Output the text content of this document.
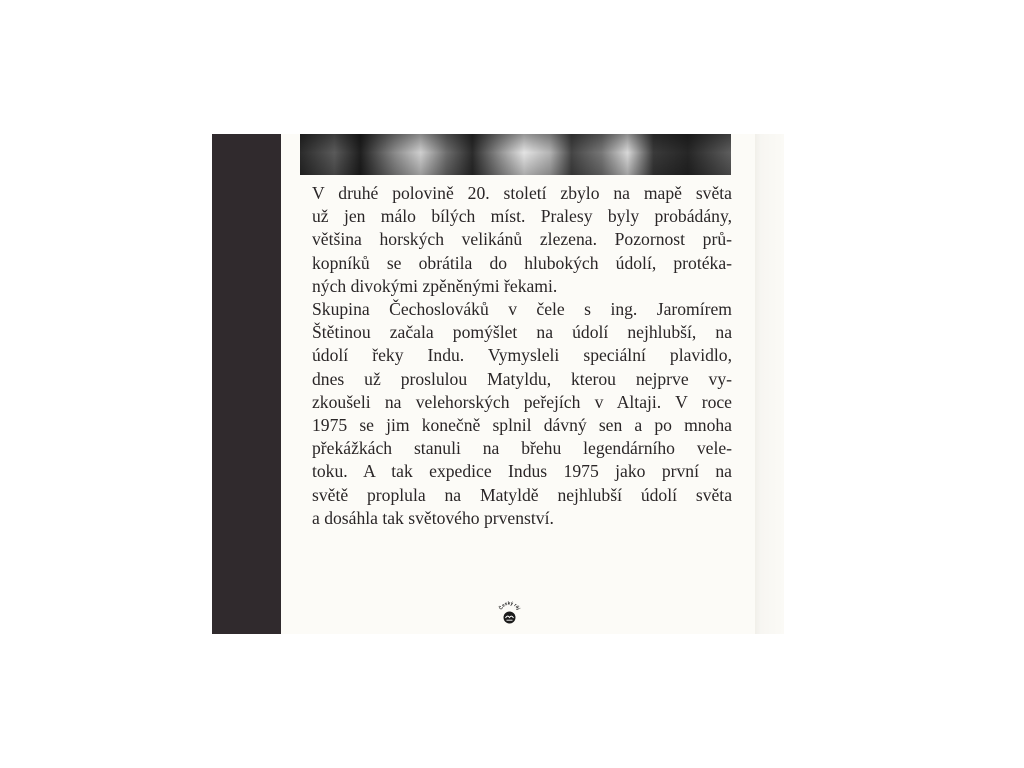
V druhé polovině 20. století zbylo na mapě světa
už jen málo bílých míst. Pralesy byly probádány,
většina horských velikánů zlezena. Pozornost prů-
kopníků se obrátila do hlubokých údolí, protéka-
ných divokými zpěněnými řekami.
Skupina Čechoslováků v čele s ing. Jaromírem
Štětinou začala pomýšlet na údolí nejhlubší, na
údolí řeky Indu. Vymysleli speciální plavidlo,
dnes už proslulou Matyldu, kterou nejprve vy-
zkoušeli na velehorských peřejích v Altaji. V roce
1975 se jim konečně splnil dávný sen a po mnoha
překážkách stanuli na břehu legendárního vele-
toku. A tak expedice Indus 1975 jako první na
světě proplula na Matyldě nejhlubší údolí světa
a dosáhla tak světového prvenství.
Český ráj
